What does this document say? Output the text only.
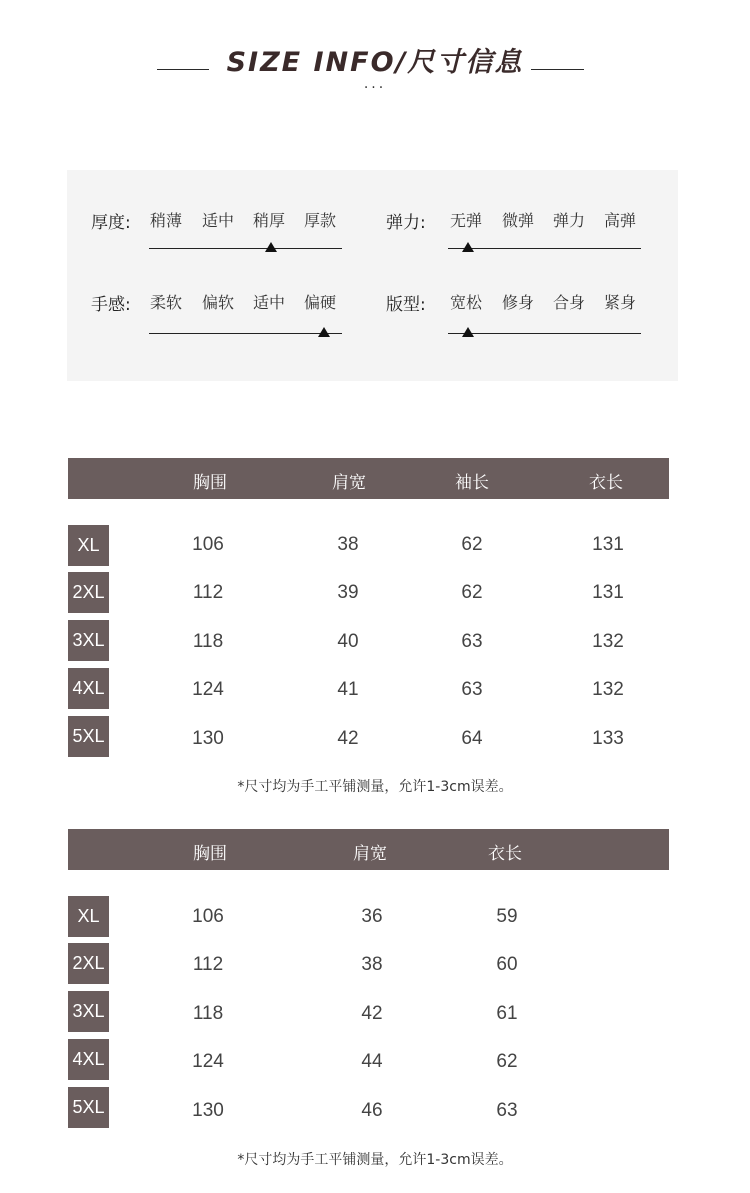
SIZE INFO/尺寸信息
···
厚度:	稍薄	适中	稍厚	厚款	弹力:	无弹	微弹	弹力	高弹
手感:	柔软	偏软	适中	偏硬	版型:	宽松	修身	合身	紧身
胸围	肩宽	袖长	衣长
XL	106	38	62	131
2XL	112	39	62	131
3XL	118	40	63	132
4XL	124	41	63	132
5XL	130	42	64	133
*尺寸均为手工平铺测量，允许1-3cm误差。
胸围	肩宽	衣长
XL	106	36	59
2XL	112	38	60
3XL	118	42	61
4XL	124	44	62
5XL	130	46	63
*尺寸均为手工平铺测量，允许1-3cm误差。
